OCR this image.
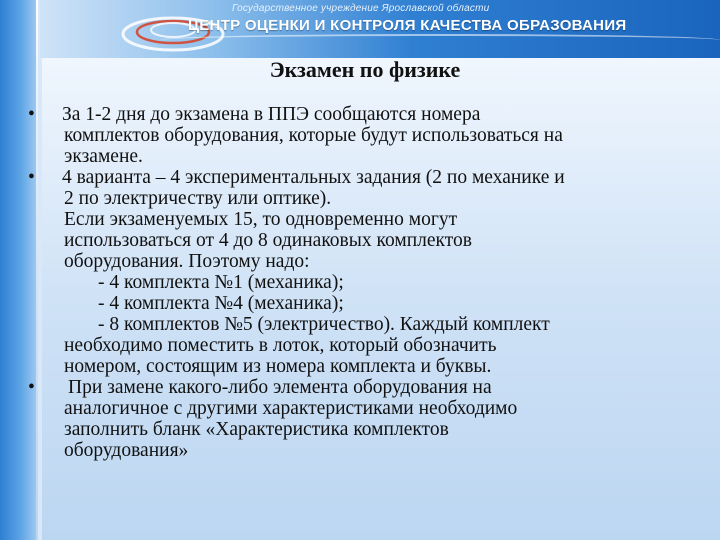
Государственное учреждение Ярославской области
ЦЕНТР ОЦЕНКИ И КОНТРОЛЯ КАЧЕСТВА ОБРАЗОВАНИЯ
Экзамен по физике
• За 1-2 дня до экзамена в ППЭ сообщаются номера
комплектов оборудования, которые будут использоваться на
экзамене.
• 4 варианта – 4 экспериментальных задания (2 по механике и
2 по электричеству или оптике).
Если экзаменуемых 15, то одновременно могут
использоваться от 4 до 8 одинаковых комплектов
оборудования. Поэтому надо:
- 4 комплекта №1 (механика);
- 4 комплекта №4 (механика);
- 8 комплектов №5 (электричество). Каждый комплект
необходимо поместить в лоток, который обозначить
номером, состоящим из номера комплекта и буквы.
• При замене какого-либо элемента оборудования на
аналогичное с другими характеристиками необходимо
заполнить бланк «Характеристика комплектов
оборудования»
